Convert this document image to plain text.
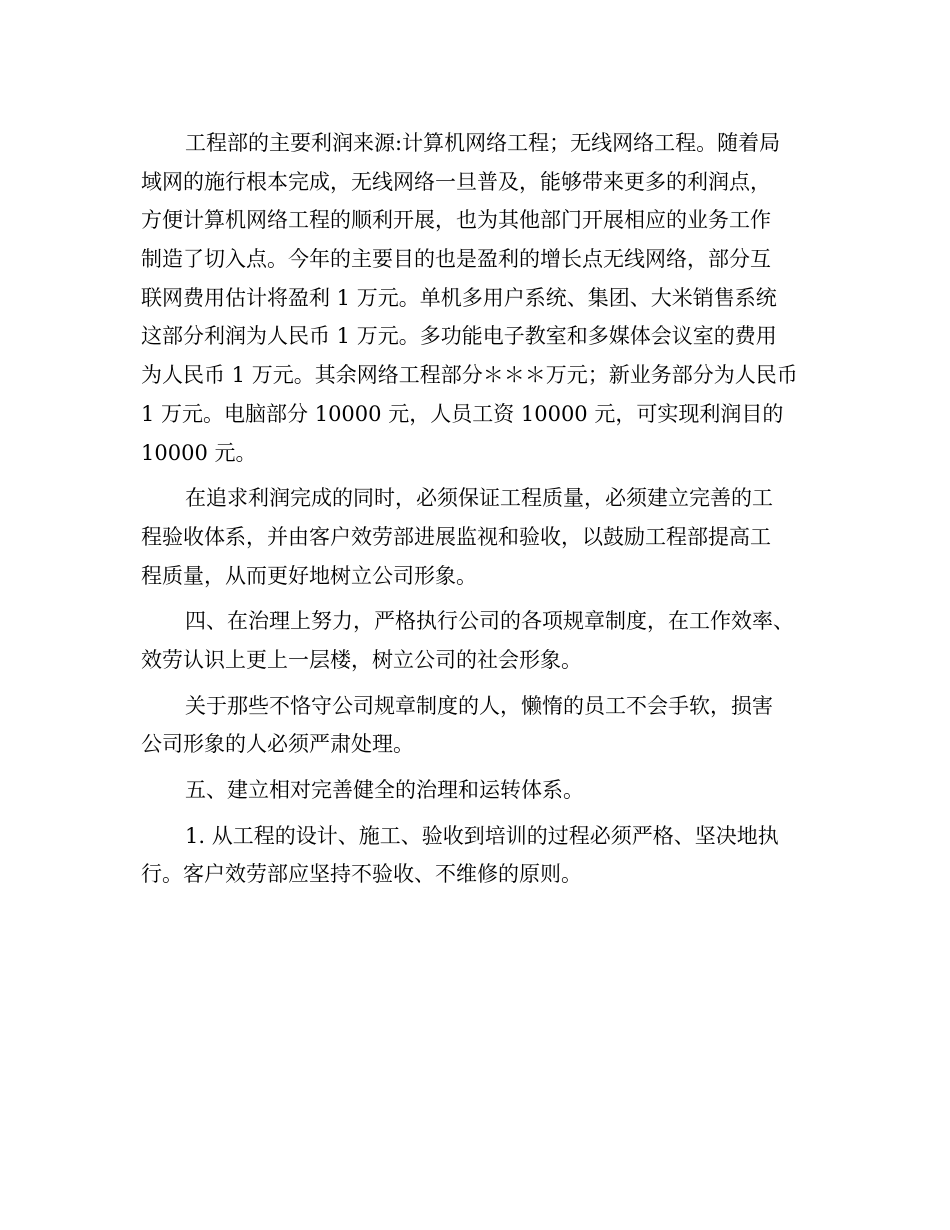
工程部的主要利润来源:计算机网络工程；无线网络工程。随着局
域网的施行根本完成，无线网络一旦普及，能够带来更多的利润点，
方便计算机网络工程的顺利开展，也为其他部门开展相应的业务工作
制造了切入点。今年的主要目的也是盈利的增长点无线网络，部分互
联网费用估计将盈利 1 万元。单机多用户系统、集团、大米销售系统
这部分利润为人民币 1 万元。多功能电子教室和多媒体会议室的费用
为人民币 1 万元。其余网络工程部分＊＊＊万元；新业务部分为人民币
1 万元。电脑部分 10000 元，人员工资 10000 元，可实现利润目的
10000 元。
在追求利润完成的同时，必须保证工程质量，必须建立完善的工
程验收体系，并由客户效劳部进展监视和验收，以鼓励工程部提高工
程质量，从而更好地树立公司形象。
四、在治理上努力，严格执行公司的各项规章制度，在工作效率、
效劳认识上更上一层楼，树立公司的社会形象。
关于那些不恪守公司规章制度的人，懒惰的员工不会手软，损害
公司形象的人必须严肃处理。
五、建立相对完善健全的治理和运转体系。
1. 从工程的设计、施工、验收到培训的过程必须严格、坚决地执
行。客户效劳部应坚持不验收、不维修的原则。
